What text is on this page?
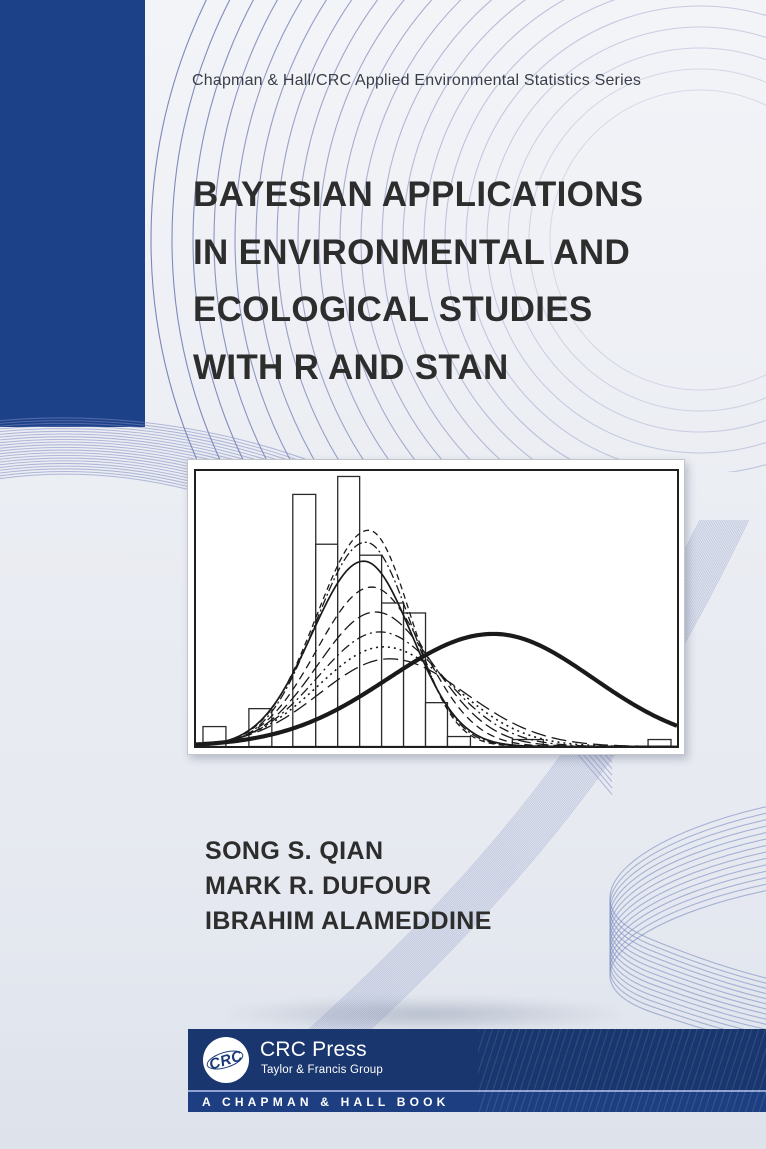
Chapman & Hall/CRC Applied Environmental Statistics Series
BAYESIAN APPLICATIONS
IN ENVIRONMENTAL AND
ECOLOGICAL STUDIES
WITH R AND STAN
SONG S. QIAN
MARK R. DUFOUR
IBRAHIM ALAMEDDINE
CRC CRC Press
Taylor & Francis Group
A CHAPMAN & HALL BOOK
